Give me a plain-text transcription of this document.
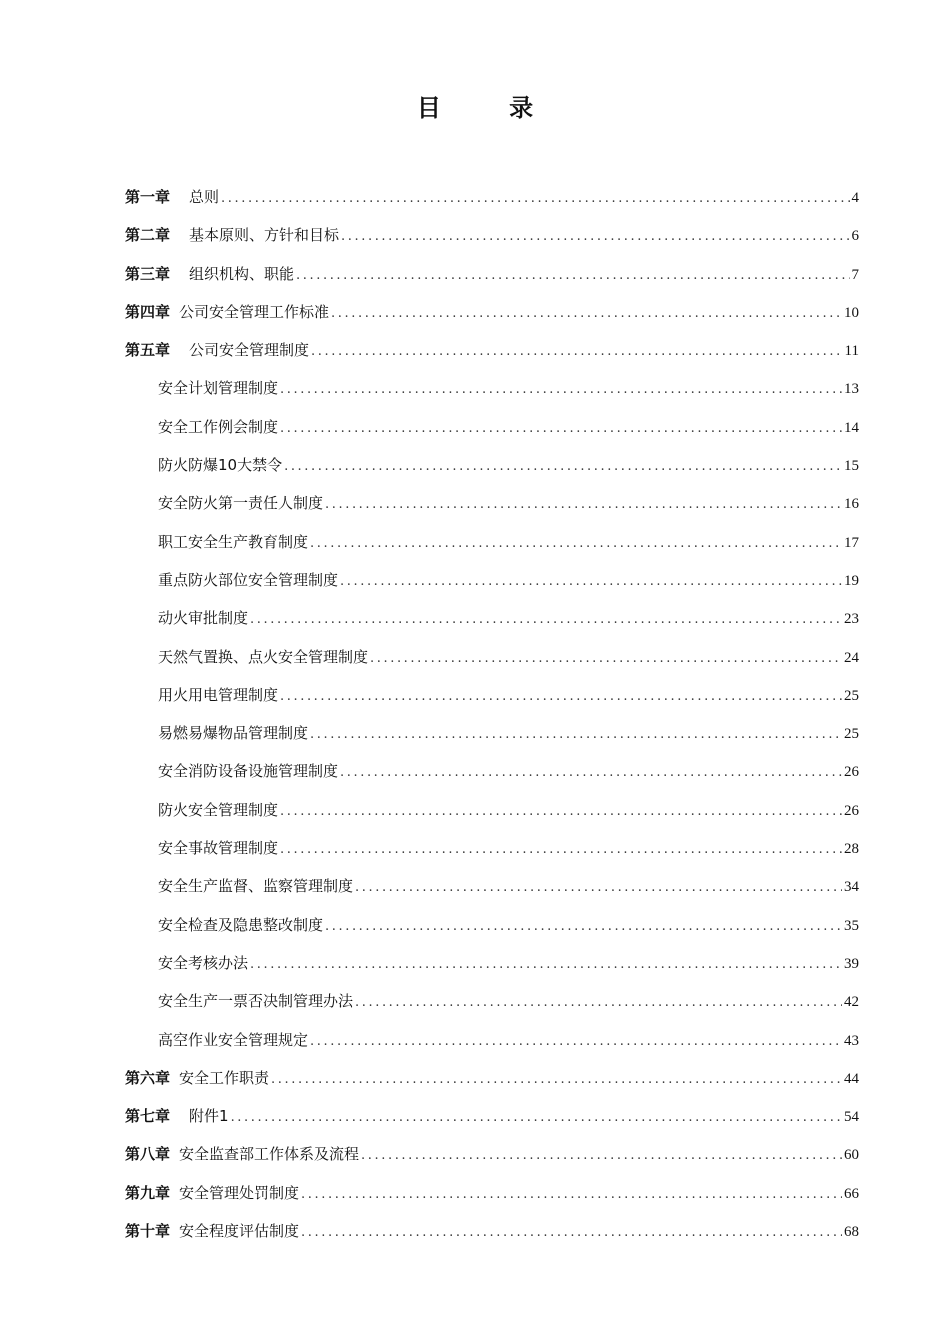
目 录
第一章 总则 .....	4
第二章 基本原则、方针和目标 .....	6
第三章 组织机构、职能 .....	7
第四章 公司安全管理工作标准 .....	10
第五章 公司安全管理制度 .....	11
安全计划管理制度 .....	13
安全工作例会制度 .....	14
防火防爆10大禁令 .....	15
安全防火第一责任人制度 .....	16
职工安全生产教育制度 .....	17
重点防火部位安全管理制度 .....	19
动火审批制度 .....	23
天然气置换、点火安全管理制度 .....	24
用火用电管理制度 .....	25
易燃易爆物品管理制度 .....	25
安全消防设备设施管理制度 .....	26
防火安全管理制度 .....	26
安全事故管理制度 .....	28
安全生产监督、监察管理制度 .....	34
安全检查及隐患整改制度 .....	35
安全考核办法 .....	39
安全生产一票否决制管理办法 .....	42
高空作业安全管理规定 .....	43
第六章 安全工作职责 .....	44
第七章 附件1 .....	54
第八章 安全监查部工作体系及流程 .....	60
第九章 安全管理处罚制度 .....	66
第十章 安全程度评估制度 .....	68
